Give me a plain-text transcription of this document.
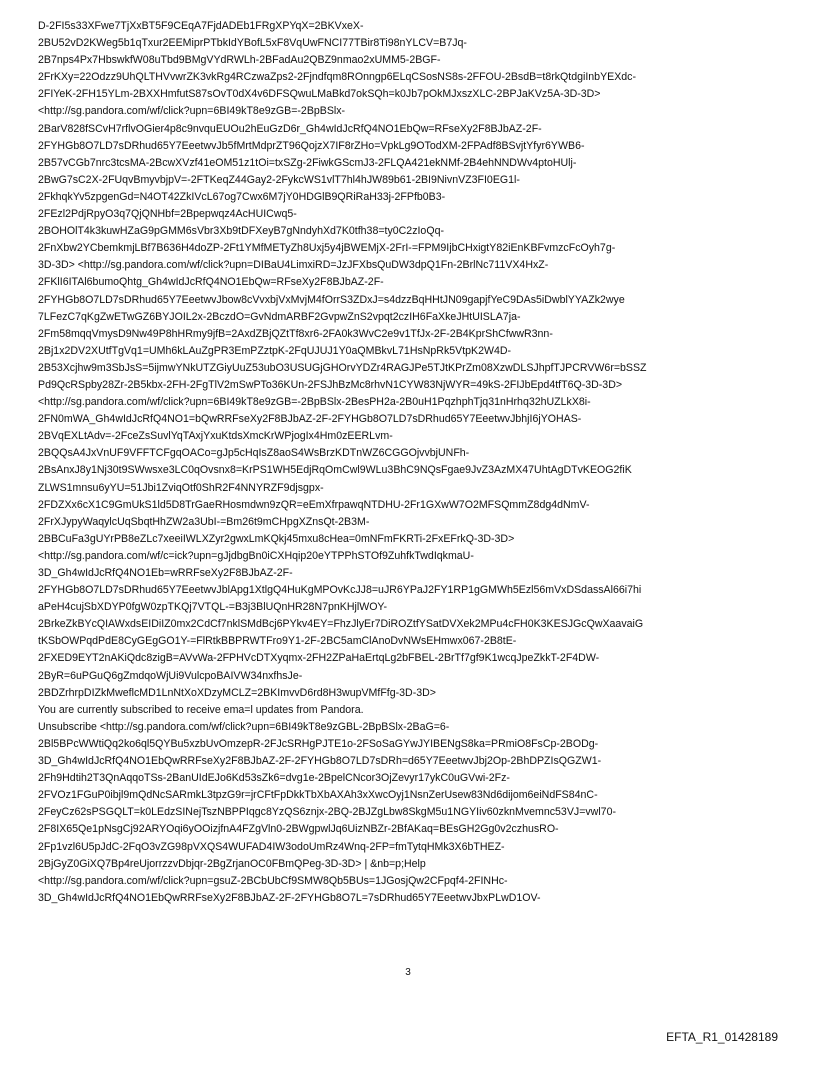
D-2FI5s33XFwe7TjXxBT5F9CEqA7FjdADEb1FRgXPYqX=2BKVxeX-
2BU52vD2KWeg5b1qTxur2EEMiprPTbkIdYBofL5xF8VqUwFNCI77TBir8Ti98nYLCV=B7Jq-
2B7nps4Px7HbswkfW08uTbd9BMgVYdRWLh-2BFadAu2QBZ9nmao2xUMM5-2BGF-
2FrKXy=22Odzz9UhQLTHVvwrZK3vkRg4RCzwaZps2-2Fjndfqm8ROnngp6ELqCSosNS8s-2FFOU-2BsdB=t8rkQtdgiInbYEXdc-
2FIYeK-2FH15YLm-2BXXHmfutS87sOvT0dX4v6DFSQwuLMaBkd7okSQh=k0Jb7pOkMJxszXLC-2BPJaKVz5A-3D-3D>
<http://sg.pandora.com/wf/click?upn=6BI49kT8e9zGB=-2BpBSlx-
2BarV828fSCvH7rflvOGier4p8c9nvquEUOu2hEuGzD6r_Gh4wIdJcRfQ4NO1EbQw=RFseXy2F8BJbAZ-2F-
2FYHGb8O7LD7sDRhud65Y7EeetwvJb5fMrtMdprZT96QojzX7IF8rZHo=VpkLg9OTodXM-2FPAdf8BSvjtYfyr6YWB6-
2B57vCGb7nrc3tcsMA-2BcwXVzf41eOM51z1tOi=txSZg-2FiwkGScmJ3-2FLQA421ekNMf-2B4ehNNDWv4ptoHUlj-
2BwG7sC2X-2FUqvBmyvbjpV=-2FTKeqZ44Gay2-2FykcWS1vlT7hl4hJW89b61-2BI9NivnVZ3FI0EG1l-
2FkhqkYv5zpgenGd=N4OT42ZkIVcL67og7Cwx6M7jY0HDGlB9QRiRaH33j-2FPfb0B3-
2FEzl2PdjRpyO3q7QjQNHbf=2Bpepwqz4AcHUICwq5-
2BOHOlT4k3kuwHZaG9pGMM6sVbr3Xb9tDFXeyB7gNndyhXd7K0tfh38=ty0C2zIoQq-
2FnXbw2YCbemkmjLBf7B636H4doZP-2Ft1YMfMETyZh8Uxj5y4jBWEMjX-2FrI-=FPM9IjbCHxigtY82iEnKBFvmzcFcOyh7g-
3D-3D> <http://sg.pandora.com/wf/click?upn=DIBaU4LimxiRD=JzJFXbsQuDW3dpQ1Fn-2BrlNc711VX4HxZ-
2FKlI6ITAl6bumoQhtg_Gh4wIdJcRfQ4NO1EbQw=RFseXy2F8BJbAZ-2F-
2FYHGb8O7LD7sDRhud65Y7EeetwvJbow8cVvxbjVxMvjM4fOrrS3ZDxJ=s4dzzBqHHtJN09gapjfYeC9DAs5iDwblYYAZk2wye
7LFezC7qKgZwETwGZ6BYJOIL2x-2BczdO=GvNdmARBF2GvpwZnS2vpqt2czIH6FaXkeJHtUISLA7ja-
2Fm58mqqVmysD9Nw49P8hHRmy9jfB=2AxdZBjQZtTf8xr6-2FA0k3WvC2e9v1TfJx-2F-2B4KprShCfwwR3nn-
2Bj1x2DV2XUtfTgVq1=UMh6kLAuZgPR3EmPZztpK-2FqUJUJ1Y0aQMBkvL71HsNpRk5VtpK2W4D-
2B53Xcjhw9m3SbJsS=5ijmwYNkUTZGiyUuZ53ubO3USUGjGHOrvYDZr4RAGJPe5TJtKPrZm08XzwDLSJhpfTJPCRVW6r=bSSZ
Pd9QcRSpby28Zr-2B5kbx-2FH-2FgTlV2mSwPTo36KUn-2FSJhBzMc8rhvN1CYW83NjWYR=49kS-2FIJbEpd4tfT6Q-3D-3D>
<http://sg.pandora.com/wf/click?upn=6BI49kT8e9zGB=-2BpBSlx-2BesPH2a-2B0uH1PqzhphTjq31nHrhq32hUZLkX8i-
2FN0mWA_Gh4wIdJcRfQ4NO1=bQwRRFseXy2F8BJbAZ-2F-2FYHGb8O7LD7sDRhud65Y7EeetwvJbhjI6jYOHAS-
2BVqEXLtAdv=-2FceZsSuvlYqTAxjYxuKtdsXmcKrWPjogIx4Hm0zEERLvm-
2BQQsA4JxVnUF9VFFTCFgqOACo=gJp5cHqIsZ8aoS4WsBrzKDTnWZ6CGGOjvvbjUNFh-
2BsAnxJ8y1Nj30t9SWwsxe3LC0qOvsnx8=KrPS1WH5EdjRqOmCwl9WLu3BhC9NQsFgae9JvZ3AzMX47UhtAgDTvKEOG2fiK
ZLWS1mnsu6yYU=51Jbi1ZviqOtf0ShR2F4NNYRZF9djsgpx-
2FDZXx6cX1C9GmUkS1ld5D8TrGaeRHosmdwn9zQR=eEmXfrpawqNTDHU-2Fr1GXwW7O2MFSQmmZ8dg4dNmV-
2FrXJypyWaqylcUqSbqtHhZW2a3UbI-=Bm26t9mCHpgXZnsQt-2B3M-
2BBCuFa3gUYrPB8eZLc7xeeiIWLXZyr2gwxLmKQkj45mxu8cHea=0mNFmFKRTi-2FxEFrkQ-3D-3D>
<http://sg.pandora.com/wf/c=ick?upn=gJjdbgBn0iCXHqip20eYTPPhSTOf9ZuhfkTwdIqkmaU-
3D_Gh4wIdJcRfQ4NO1Eb=wRRFseXy2F8BJbAZ-2F-
2FYHGb8O7LD7sDRhud65Y7EeetwvJblApg1XtlgQ4HuKgMPOvKcJJ8=uJR6YPaJ2FY1RP1gGMWh5Ezl56mVxDSdassAl66i7hi
aPeH4cujSbXDYP0fgW0zpTKQj7VTQL-=B3j3BlUQnHR28N7pnKHjlWOY-
2BrkeZkBYcQIAWxdsEIDiIZ0mx2CdCf7nklSMdBcj6PYkv4EY=FhzJlyEr7DiROZtfYSatDVXek2MPu4cFH0K3KESJGcQwXaavaiG
tKSbOWPqdPdE8CyGEgGO1Y-=FlRtkBBPRWTFro9Y1-2F-2BC5amClAnoDvNWsEHmwx067-2B8tE-
2FXED9EYT2nAKiQdc8zigB=AVvWa-2FPHVcDTXyqmx-2FH2ZPaHaErtqLg2bFBEL-2BrTf7gf9K1wcqJpeZkkT-2F4DW-
2ByR=6uPGuQ6gZmdqoWjUi9VulcpoBAIVW34nxfhsJe-
2BDZrhrpDIZkMweflcMD1LnNtXoXDzyMCLZ=2BKImvvD6rd8H3wupVMfFfg-3D-3D>
You are currently subscribed to receive ema=l updates from Pandora.
Unsubscribe <http://sg.pandora.com/wf/click?upn=6BI49kT8e9zGBL-2BpBSlx-2BaG=6-
2Bl5BPcWWtiQq2ko6ql5QYBu5xzbUvOmzepR-2FJcSRHgPJTE1o-2FSoSaGYwJYIBENgS8ka=PRmiO8FsCp-2BODg-
3D_Gh4wIdJcRfQ4NO1EbQwRRFseXy2F8BJbAZ-2F-2FYHGb8O7LD7sDRh=d65Y7EeetwvJbj2Op-2BhDPZIsQGZW1-
2Fh9Hdtih2T3QnAqqoTSs-2BanUIdEJo6Kd53sZk6=dvg1e-2BpelCNcor3OjZevyr17ykC0uGVwi-2Fz-
2FVOz1FGuP0ibjl9mQdNcSARmkL3tpzG9r=jrCFtFpDkkTbXbAXAh3xXwcOyj1NsnZerUsew83Nd6dijom6eiNdFS84nC-
2FeyCz62sPSGQLT=k0LEdzSINejTszNBPPIqgc8YzQS6znjx-2BQ-2BJZgLbw8SkgM5u1NGYIiv60zknMvemnc53VJ=vwl70-
2F8IX65Qe1pNsgCj92ARYOqi6yOOizjfnA4FZgVln0-2BWgpwlJq6UizNBZr-2BfAKaq=BEsGH2Gg0v2czhusRO-
2Fp1vzl6U5pJdC-2FqO3vZG98pVXQS4WUFAD4IW3odoUmRz4Wnq-2FP=fmTytqHMk3X6bTHEZ-
2BjGyZ0GiXQ7Bp4reUjorrzzvDbjqr-2BgZrjanOC0FBmQPeg-3D-3D> | &nb=p;Help
<http://sg.pandora.com/wf/click?upn=gsuZ-2BCbUbCf9SMW8Qb5BUs=1JGosjQw2CFpqf4-2FINHc-
3D_Gh4wIdJcRfQ4NO1EbQwRRFseXy2F8BJbAZ-2F-2FYHGb8O7L=7sDRhud65Y7EeetwvJbxPLwD1OV-
3
EFTA_R1_01428189
